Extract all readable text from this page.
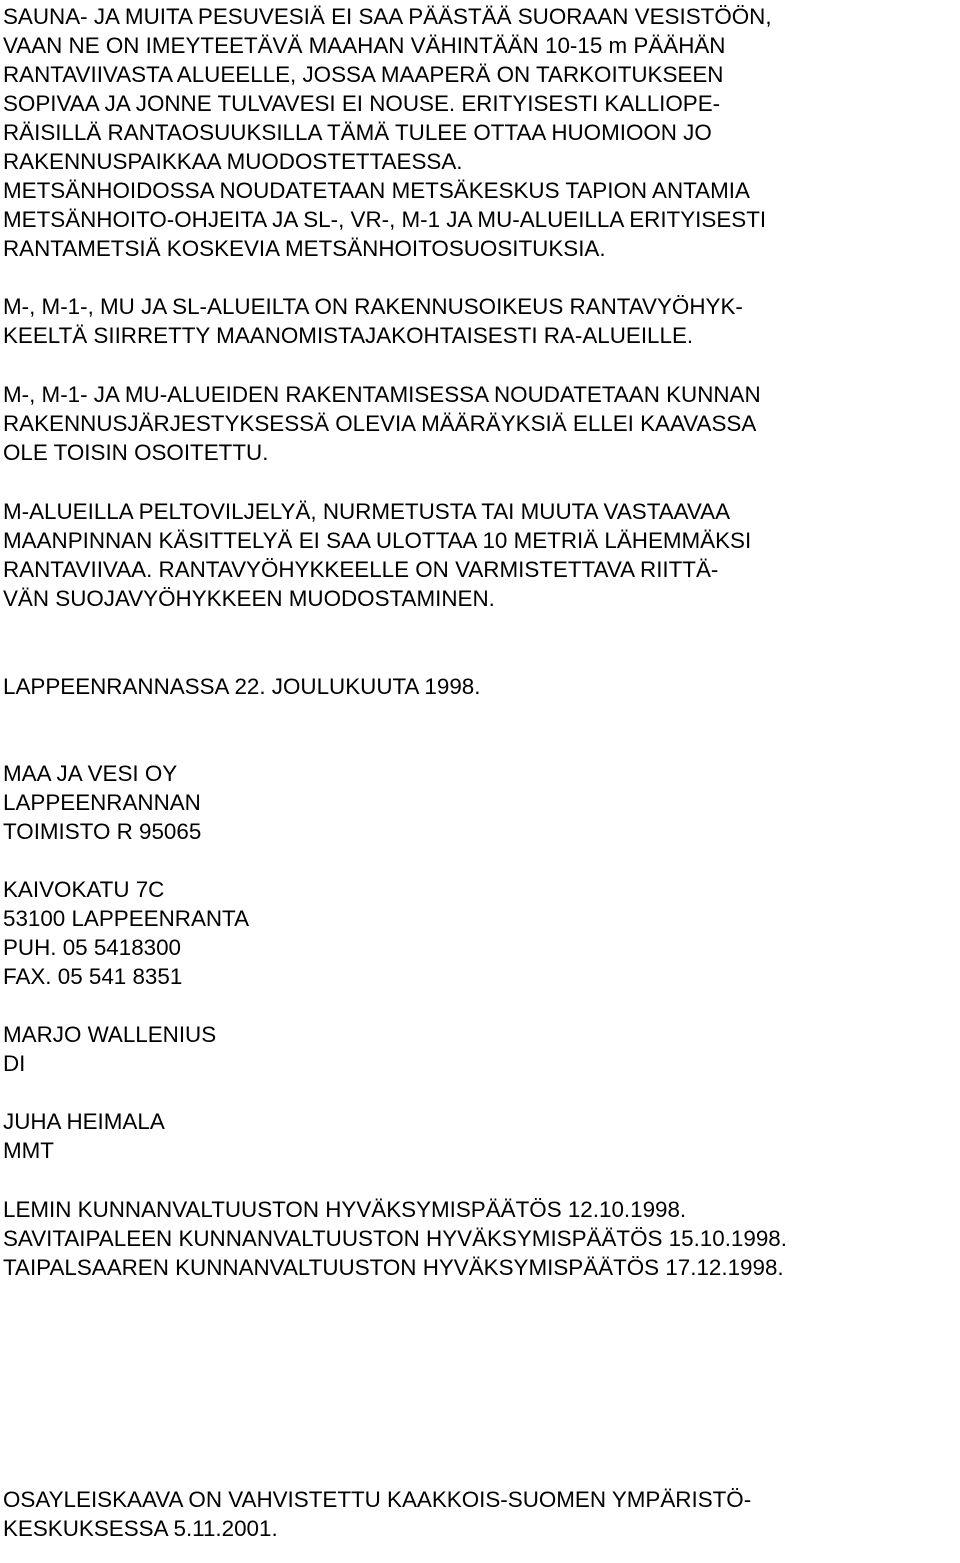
SAUNA- JA MUITA PESUVESIÄ EI SAA PÄÄSTÄÄ SUORAAN VESISTÖÖN,
VAAN NE ON IMEYTEETÄVÄ MAAHAN VÄHINTÄÄN 10-15 m PÄÄHÄN
RANTAVIIVASTA ALUEELLE, JOSSA MAAPERÄ ON TARKOITUKSEEN
SOPIVAA JA JONNE TULVAVESI EI NOUSE. ERITYISESTI KALLIOPE-
RÄISILLÄ RANTAOSUUKSILLA TÄMÄ TULEE OTTAA HUOMIOON JO
RAKENNUSPAIKKAA MUODOSTETTAESSA.
METSÄNHOIDOSSA NOUDATETAAN METSÄKESKUS TAPION ANTAMIA
METSÄNHOITO-OHJEITA JA SL-, VR-, M-1 JA MU-ALUEILLA ERITYISESTI
RANTAMETSIÄ KOSKEVIA METSÄNHOITOSUOSITUKSIA.
M-, M-1-, MU JA SL-ALUEILTA ON RAKENNUSOIKEUS RANTAVYÖHYK-
KEELTÄ SIIRRETTY MAANOMISTAJAKOHTAISESTI RA-ALUEILLE.
M-, M-1- JA MU-ALUEIDEN RAKENTAMISESSA NOUDATETAAN KUNNAN
RAKENNUSJÄRJESTYKSESSÄ OLEVIA MÄÄRÄYKSIÄ ELLEI KAAVASSA
OLE TOISIN OSOITETTU.
M-ALUEILLA PELTOVILJELYÄ, NURMETUSTA TAI MUUTA VASTAAVAA
MAANPINNAN KÄSITTELYÄ EI SAA ULOTTAA 10 METRIÄ LÄHEMMÄKSI
RANTAVIIVAA. RANTAVYÖHYKKEELLE ON VARMISTETTAVA RIITTÄ-
VÄN SUOJAVYÖHYKKEEN MUODOSTAMINEN.
LAPPEENRANNASSA 22. JOULUKUUTA 1998.
MAA JA VESI OY
LAPPEENRANNAN
TOIMISTO R 95065
KAIVOKATU 7C
53100 LAPPEENRANTA
PUH. 05 5418300
FAX. 05 541 8351
MARJO WALLENIUS
DI
JUHA HEIMALA
MMT
LEMIN KUNNANVALTUUSTON HYVÄKSYMISPÄÄTÖS 12.10.1998.
SAVITAIPALEEN KUNNANVALTUUSTON HYVÄKSYMISPÄÄTÖS 15.10.1998.
TAIPALSAAREN KUNNANVALTUUSTON HYVÄKSYMISPÄÄTÖS 17.12.1998.
OSAYLEISKAAVA ON VAHVISTETTU KAAKKOIS-SUOMEN YMPÄRISTÖ-
KESKUKSESSA 5.11.2001.
